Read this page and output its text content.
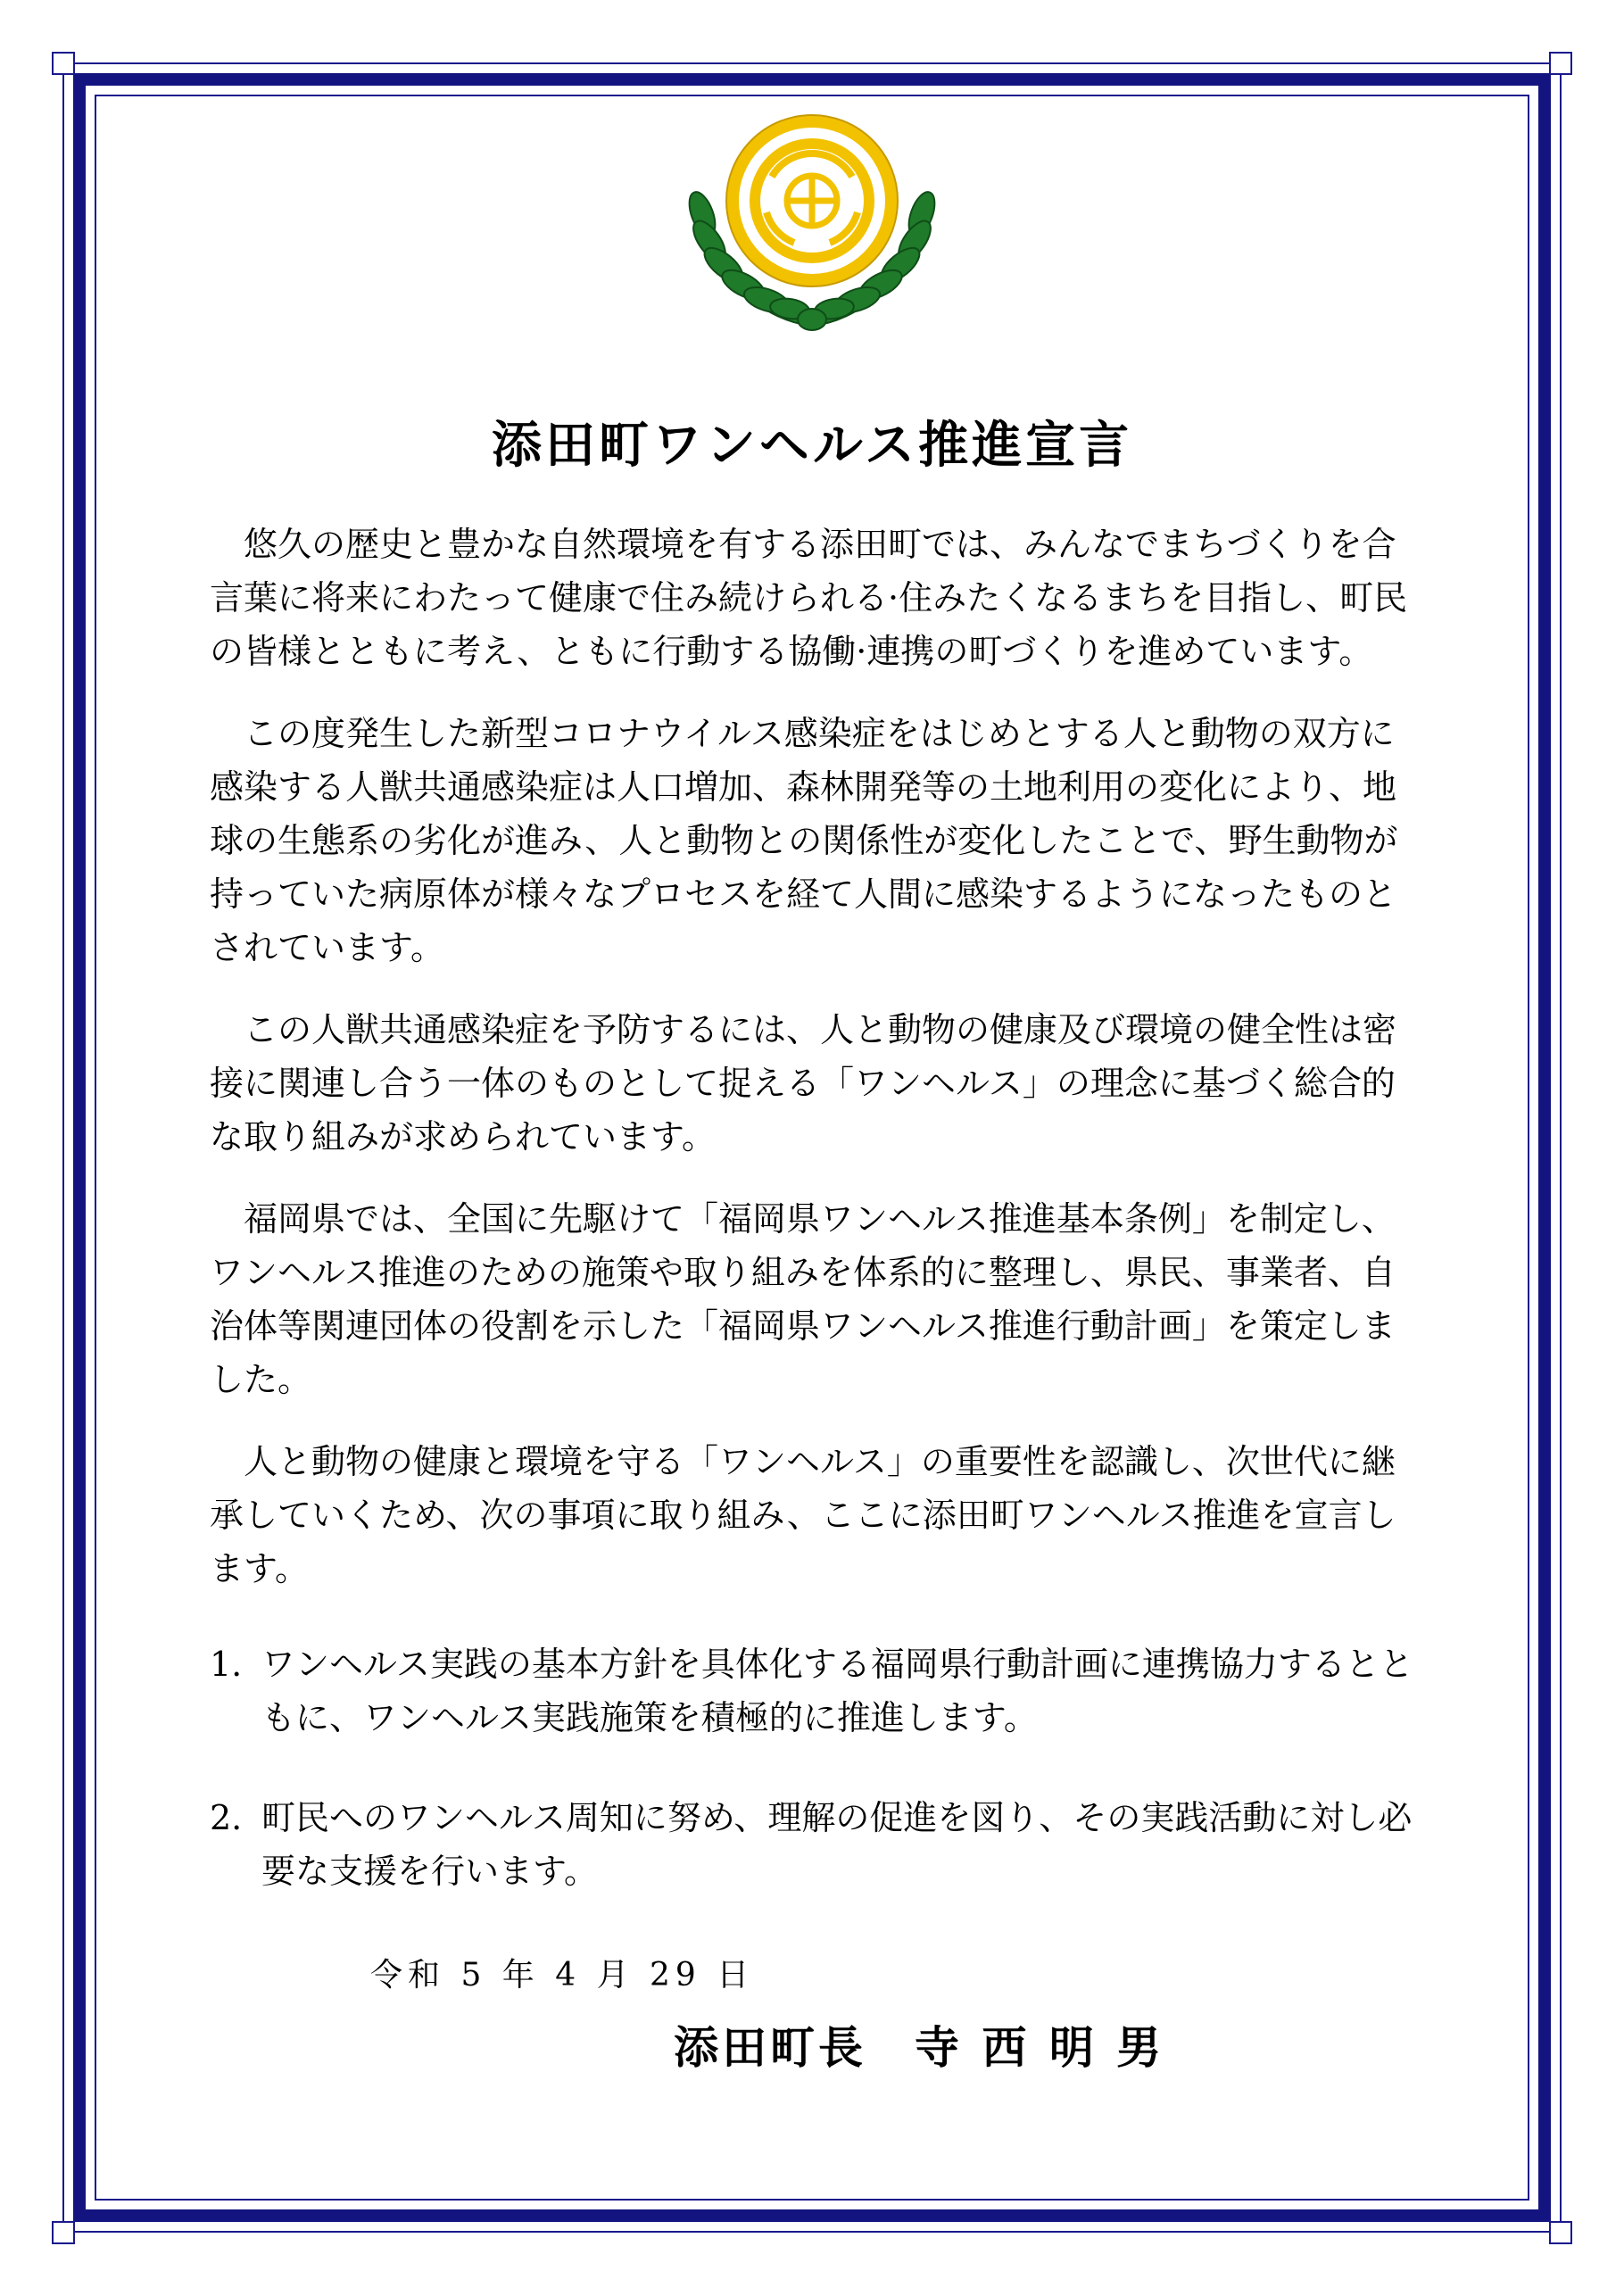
添田町ワンヘルス推進宣言

悠久の歴史と豊かな自然環境を有する添田町では、みんなでまちづくりを合言葉に将来にわたって健康で住み続けられる·住みたくなるまちを目指し、町民の皆様とともに考え、ともに行動する協働·連携の町づくりを進めています。

この度発生した新型コロナウイルス感染症をはじめとする人と動物の双方に感染する人獣共通感染症は人口増加、森林開発等の土地利用の変化により、地球の生態系の劣化が進み、人と動物との関係性が変化したことで、野生動物が持っていた病原体が様々なプロセスを経て人間に感染するようになったものとされています。

この人獣共通感染症を予防するには、人と動物の健康及び環境の健全性は密接に関連し合う一体のものとして捉える「ワンヘルス」の理念に基づく総合的な取り組みが求められています。

福岡県では、全国に先駆けて「福岡県ワンヘルス推進基本条例」を制定し、ワンヘルス推進のための施策や取り組みを体系的に整理し、県民、事業者、自治体等関連団体の役割を示した「福岡県ワンヘルス推進行動計画」を策定しました。

人と動物の健康と環境を守る「ワンヘルス」の重要性を認識し、次世代に継承していくため、次の事項に取り組み、ここに添田町ワンヘルス推進を宣言します。

1. ワンヘルス実践の基本方針を具体化する福岡県行動計画に連携協力するとともに、ワンヘルス実践施策を積極的に推進します。
2. 町民へのワンヘルス周知に努め、理解の促進を図り、その実践活動に対し必要な支援を行います。
令和 5 年 4 月 29 日
添田町長　寺 西 明 男
